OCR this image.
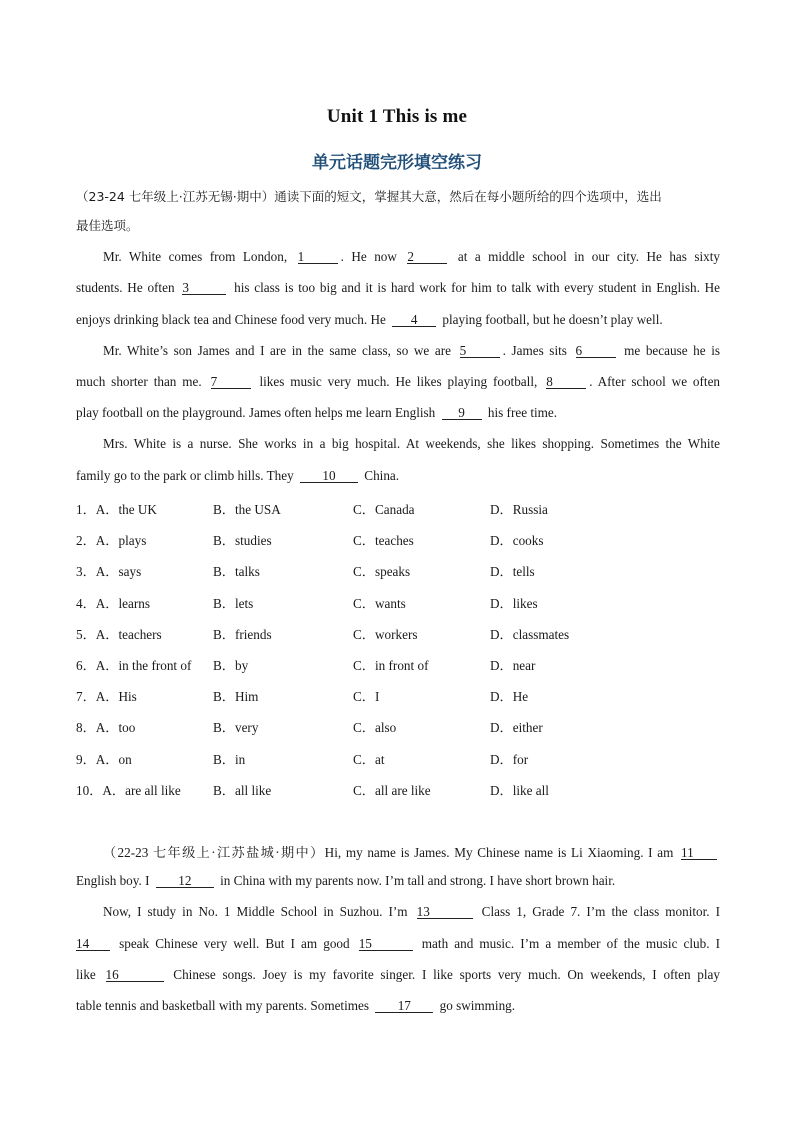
Unit 1 This is me
单元话题完形填空练习
（23-24 七年级上·江苏无锡·期中）通读下面的短文，掌握其大意，然后在每小题所给的四个选项中，选出
最佳选项。
Mr. White comes from London, 1	. He now 2	at a middle school in our city. He has sixty
students. He often 3	his class is too big and it is hard work for him to talk with every student in English. He
enjoys drinking black tea and Chinese food very much. He 4 playing football, but he doesn’t play well.
Mr. White’s son James and I are in the same class, so we are 5	. James sits 6	me because he is
much shorter than me. 7	likes music very much. He likes playing football, 8	. After school we often
play football on the playground. James often helps me learn English 9 his free time.
Mrs. White is a nurse. She works in a big hospital. At weekends, she likes shopping. Sometimes the White
family go to the park or climb hills. They 10 China.
1．A．the UK	B．the USA	C．Canada	D．Russia
2．A．plays	B．studies	C．teaches	D．cooks
3．A．says	B．talks	C．speaks	D．tells
4．A．learns	B．lets	C．wants	D．likes
5．A．teachers	B．friends	C．workers	D．classmates
6．A．in the front of B．by	C．in front of	D．near
7．A．His	B．Him	C．I	D．He
8．A．too	B．very	C．also	D．either
9．A．on	B．in	C．at	D．for
10．A．are all like B．all like	C．all are like	D．like all
（22-23 七年级上·江苏盐城·期中）Hi, my name is James. My Chinese name is Li Xiaoming. I am 11
English boy. I 12 in China with my parents now. I’m tall and strong. I have short brown hair.
Now, I study in No. 1 Middle School in Suzhou. I’m 13	Class 1, Grade 7. I’m the class monitor. I
14 speak Chinese very well. But I am good 15	math and music. I’m a member of the music club. I
like 16	Chinese songs. Joey is my favorite singer. I like sports very much. On weekends, I often play
table tennis and basketball with my parents. Sometimes 17 go swimming.
